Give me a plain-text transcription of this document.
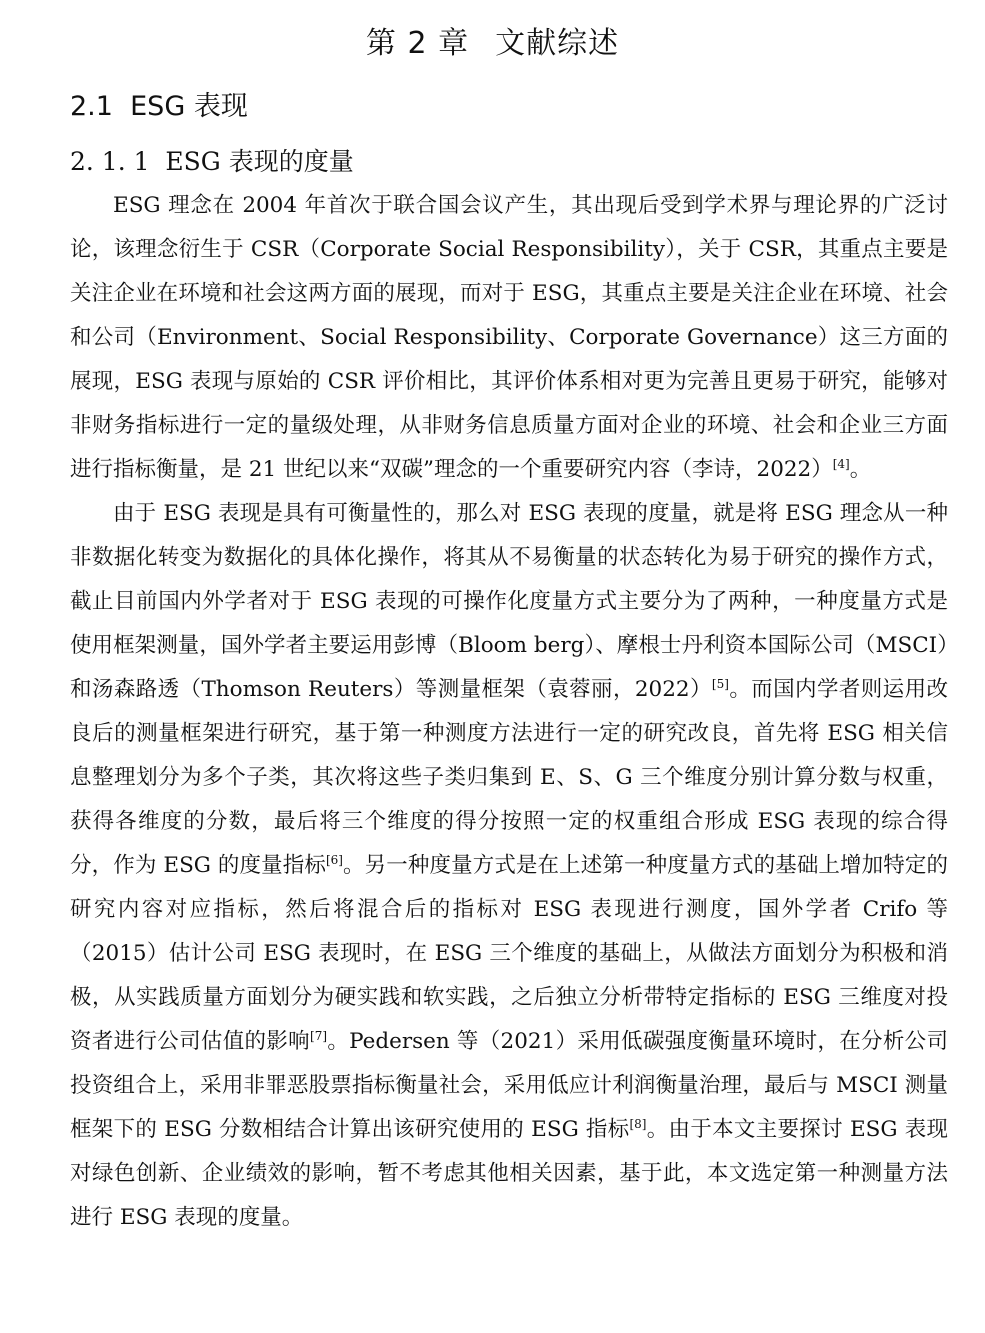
第 2 章 文献综述
2.1 ESG 表现
2. 1. 1 ESG 表现的度量

ESG 理念在 2004 年首次于联合国会议产生，其出现后受到学术界与理论界的广泛讨论，该理念衍生于 CSR（Corporate Social Responsibility），关于 CSR，其重点主要是关注企业在环境和社会这两方面的展现，而对于 ESG，其重点主要是关注企业在环境、社会和公司（Environment、Social Responsibility、Corporate Governance）这三方面的展现，ESG 表现与原始的 CSR 评价相比，其评价体系相对更为完善且更易于研究，能够对非财务指标进行一定的量级处理，从非财务信息质量方面对企业的环境、社会和企业三方面进行指标衡量，是 21 世纪以来“双碳”理念的一个重要研究内容（李诗，2022）[4]。

由于 ESG 表现是具有可衡量性的，那么对 ESG 表现的度量，就是将 ESG 理念从一种非数据化转变为数据化的具体化操作，将其从不易衡量的状态转化为易于研究的操作方式，截止目前国内外学者对于 ESG 表现的可操作化度量方式主要分为了两种，一种度量方式是使用框架测量，国外学者主要运用彭博（Bloom berg）、摩根士丹利资本国际公司（MSCI）和汤森路透（Thomson Reuters）等测量框架（袁蓉丽，2022）[5]。而国内学者则运用改良后的测量框架进行研究，基于第一种测度方法进行一定的研究改良，首先将 ESG 相关信息整理划分为多个子类，其次将这些子类归集到 E、S、G 三个维度分别计算分数与权重，获得各维度的分数，最后将三个维度的得分按照一定的权重组合形成 ESG 表现的综合得分，作为 ESG 的度量指标[6]。另一种度量方式是在上述第一种度量方式的基础上增加特定的研究内容对应指标，然后将混合后的指标对 ESG 表现进行测度，国外学者 Crifo 等（2015）估计公司 ESG 表现时，在 ESG 三个维度的基础上，从做法方面划分为积极和消极，从实践质量方面划分为硬实践和软实践，之后独立分析带特定指标的 ESG 三维度对投资者进行公司估值的影响[7]。Pedersen 等（2021）采用低碳强度衡量环境时，在分析公司投资组合上，采用非罪恶股票指标衡量社会，采用低应计利润衡量治理，最后与 MSCI 测量框架下的 ESG 分数相结合计算出该研究使用的 ESG 指标[8]。由于本文主要探讨 ESG 表现对绿色创新、企业绩效的影响，暂不考虑其他相关因素，基于此，本文选定第一种测量方法进行 ESG 表现的度量。
